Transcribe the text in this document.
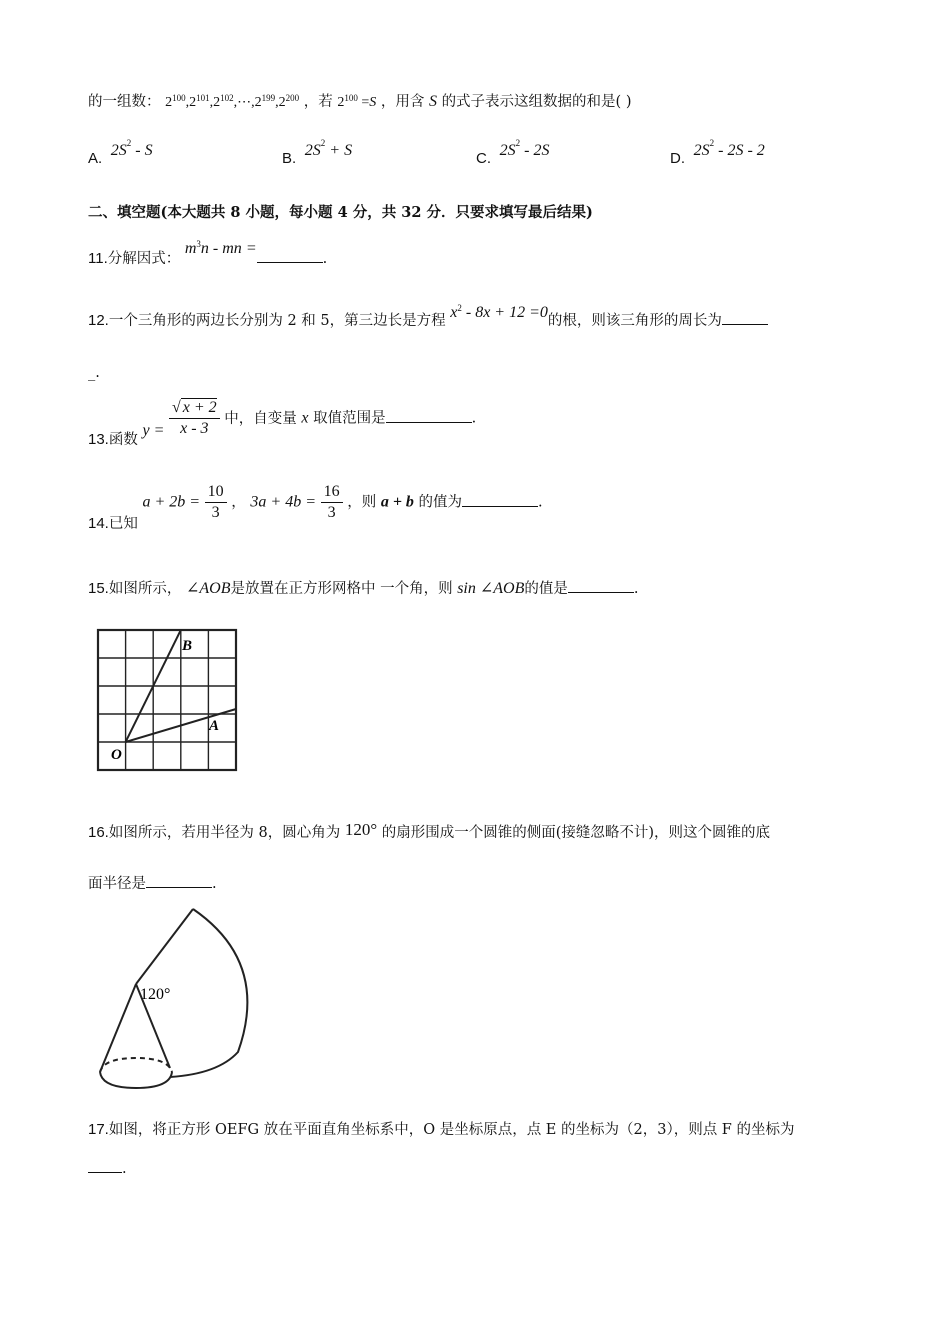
的一组数： $2^{100},2^{101},2^{102},\cdots,2^{199},2^{200}$ ，若 $2^{100} =S$ ，用含 S 的式子表示这组数据的和是( )
A. $2S^2$ - S	B. $2S^2 + S$	C. $2S^2 - 2S$	D. $2S^2 - 2S - 2$
二、填空题(本大题共 8 小题，每小题 4 分，共 32 分．只要求填写最后结果)
11.分解因式： $m^3n$ - mn =.
12.一个三角形的两边长分别为 2 和 5，第三边长是方程 $x^2 - 8x + 12 =0$的根，则该三角形的周长为
_.
13.函数 $y = \frac{√ x + 2}{x - 3}$ 中，自变量 x 取值范围是	.
14.已知 $a + 2b = \frac{10}{3}$ ， $3a + 4b = \frac{16}{3}$ ，则 a + b 的值为	.
15.如图所示， ∠AOB是放置在正方形网格中 一个角，则 sin ∠AOB的值是	.
B
A
O
16.如图所示，若用半径为 8，圆心角为 120° 的扇形围成一个圆锥的侧面(接缝忽略不计)，则这个圆锥的底
面半径是	.
120°
17.如图，将正方形 OEFG 放在平面直角坐标系中，O 是坐标原点，点 E 的坐标为（2，3），则点 F 的坐标为
.
